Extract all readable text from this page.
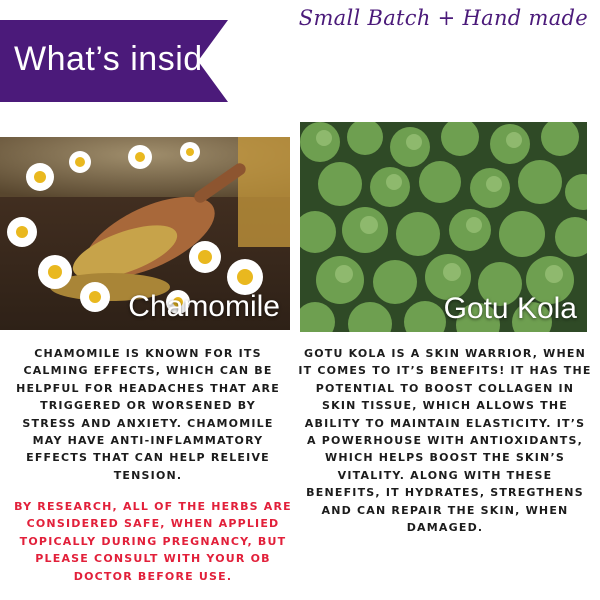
Small Batch + Hand made
What’s inside
Chamomile	Gotu Kola
CHAMOMILE IS KNOWN FOR ITS CALMING EFFECTS, WHICH CAN BE HELPFUL FOR HEADACHES THAT ARE TRIGGERED OR WORSENED BY STRESS AND ANXIETY. CHAMOMILE MAY HAVE ANTI-INFLAMMATORY EFFECTS THAT CAN HELP RELEIVE TENSION.
GOTU KOLA IS A SKIN WARRIOR, WHEN IT COMES TO IT’S BENEFITS! IT HAS THE POTENTIAL TO BOOST COLLAGEN IN SKIN TISSUE, WHICH ALLOWS THE ABILITY TO MAINTAIN ELASTICITY. IT’S A POWERHOUSE WITH ANTIOXIDANTS, WHICH HELPS BOOST THE SKIN’S VITALITY. ALONG WITH THESE BENEFITS, IT HYDRATES, STREGTHENS AND CAN REPAIR THE SKIN, WHEN DAMAGED.
BY RESEARCH, ALL OF THE HERBS ARE CONSIDERED SAFE, WHEN APPLIED TOPICALLY DURING PREGNANCY, BUT PLEASE CONSULT WITH YOUR OB DOCTOR BEFORE USE.
